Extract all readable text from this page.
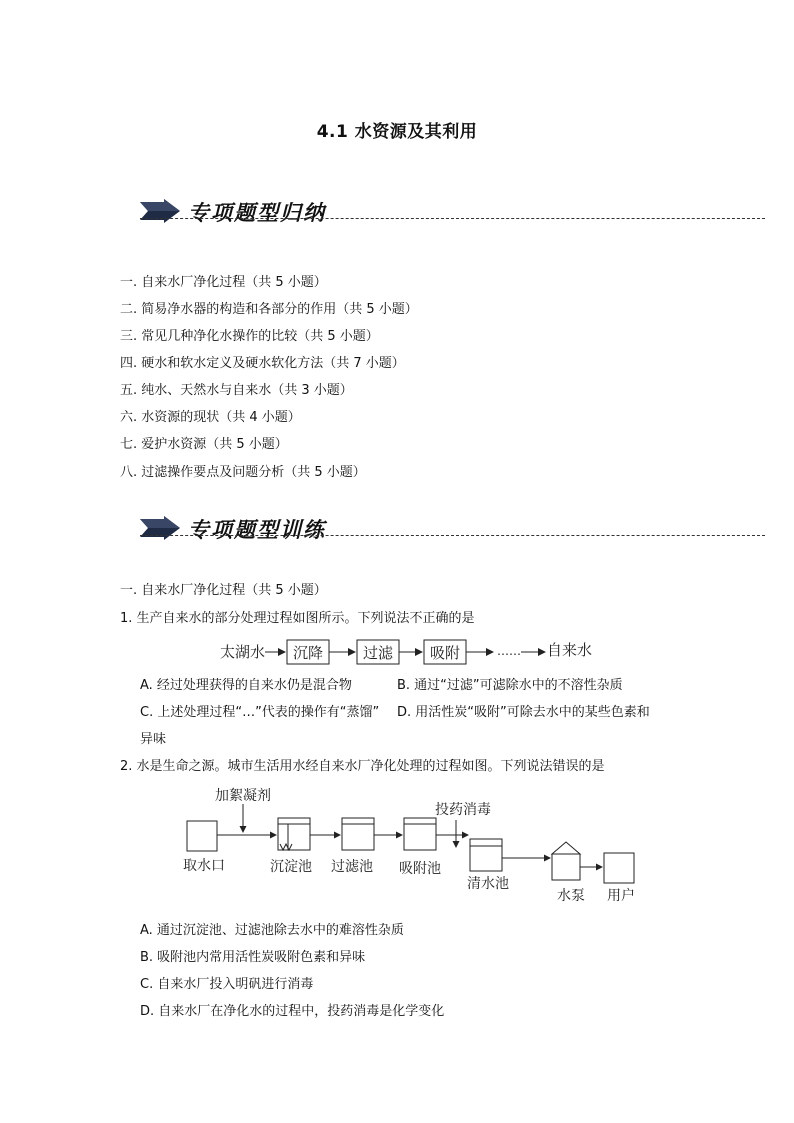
4.1 水资源及其利用
专项题型归纳
一. 自来水厂净化过程（共 5 小题）
二. 简易净水器的构造和各部分的作用（共 5 小题）
三. 常见几种净化水操作的比较（共 5 小题）
四. 硬水和软水定义及硬水软化方法（共 7 小题）
五. 纯水、天然水与自来水（共 3 小题）
六. 水资源的现状（共 4 小题）
七. 爱护水资源（共 5 小题）
八. 过滤操作要点及问题分析（共 5 小题）
专项题型训练
一. 自来水厂净化过程（共 5 小题）
1. 生产自来水的部分处理过程如图所示。下列说法不正确的是
太湖水 沉降	过滤 吸附	…… 自来水
A. 经过处理获得的自来水仍是混合物	B. 通过“过滤”可滤除水中的不溶性杂质
C. 上述处理过程“…”代表的操作有“蒸馏” D. 用活性炭“吸附”可除去水中的某些色素和
异味
2. 水是生命之源。城市生活用水经自来水厂净化处理的过程如图。下列说法错误的是
加絮凝剂
投药消毒
取水口	沉淀池 过滤池 吸附池
清水池
水泵 用户
A. 通过沉淀池、过滤池除去水中的难溶性杂质
B. 吸附池内常用活性炭吸附色素和异味
C. 自来水厂投入明矾进行消毒
D. 自来水厂在净化水的过程中，投药消毒是化学变化
